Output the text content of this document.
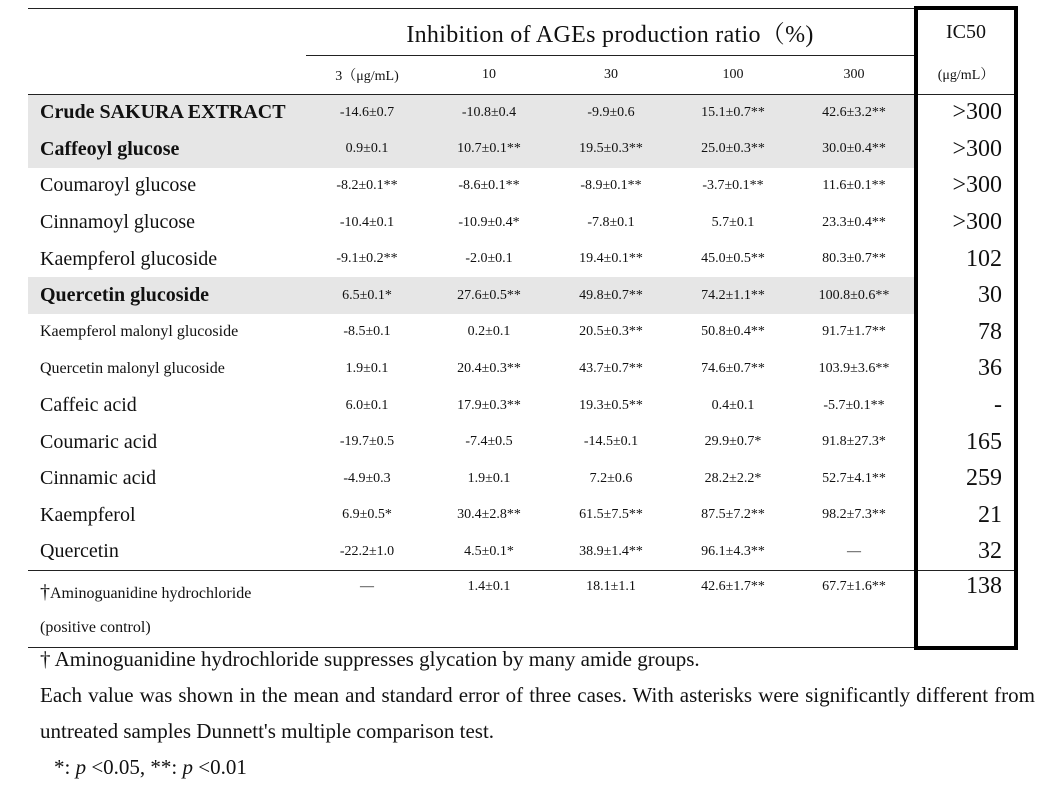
	Inhibition of AGEs production ratio（%)					IC50
	3（μg/mL)	10	30	100	300	(μg/mL）
Crude SAKURA EXTRACT	-14.6±0.7	-10.8±0.4	-9.9±0.6	15.1±0.7**	42.6±3.2**	>300
Caffeoyl glucose	0.9±0.1	10.7±0.1**	19.5±0.3**	25.0±0.3**	30.0±0.4**	>300
Coumaroyl glucose	-8.2±0.1**	-8.6±0.1**	-8.9±0.1**	-3.7±0.1**	11.6±0.1**	>300
Cinnamoyl glucose	-10.4±0.1	-10.9±0.4*	-7.8±0.1	5.7±0.1	23.3±0.4**	>300
Kaempferol glucoside	-9.1±0.2**	-2.0±0.1	19.4±0.1**	45.0±0.5**	80.3±0.7**	102
Quercetin glucoside	6.5±0.1*	27.6±0.5**	49.8±0.7**	74.2±1.1**	100.8±0.6**	30
Kaempferol malonyl glucoside	-8.5±0.1	0.2±0.1	20.5±0.3**	50.8±0.4**	91.7±1.7**	78
Quercetin malonyl glucoside	1.9±0.1	20.4±0.3**	43.7±0.7**	74.6±0.7**	103.9±3.6**	36
Caffeic acid	6.0±0.1	17.9±0.3**	19.3±0.5**	0.4±0.1	-5.7±0.1**	-
Coumaric acid	-19.7±0.5	-7.4±0.5	-14.5±0.1	29.9±0.7*	91.8±27.3*	165
Cinnamic acid	-4.9±0.3	1.9±0.1	7.2±0.6	28.2±2.2*	52.7±4.1**	259
Kaempferol	6.9±0.5*	30.4±2.8**	61.5±7.5**	87.5±7.2**	98.2±7.3**	21
Quercetin	-22.2±1.0	4.5±0.1*	38.9±1.4**	96.1±4.3**	—	32
†Aminoguanidine hydrochloride
(positive control)	—	1.4±0.1	18.1±1.1	42.6±1.7**	67.7±1.6**	138

† Aminoguanidine hydrochloride suppresses glycation by many amide groups.

Each value was shown in the mean and standard error of three cases. With asterisks were significantly different from untreated samples Dunnett's multiple comparison test.

*: p <0.05, **: p <0.01
